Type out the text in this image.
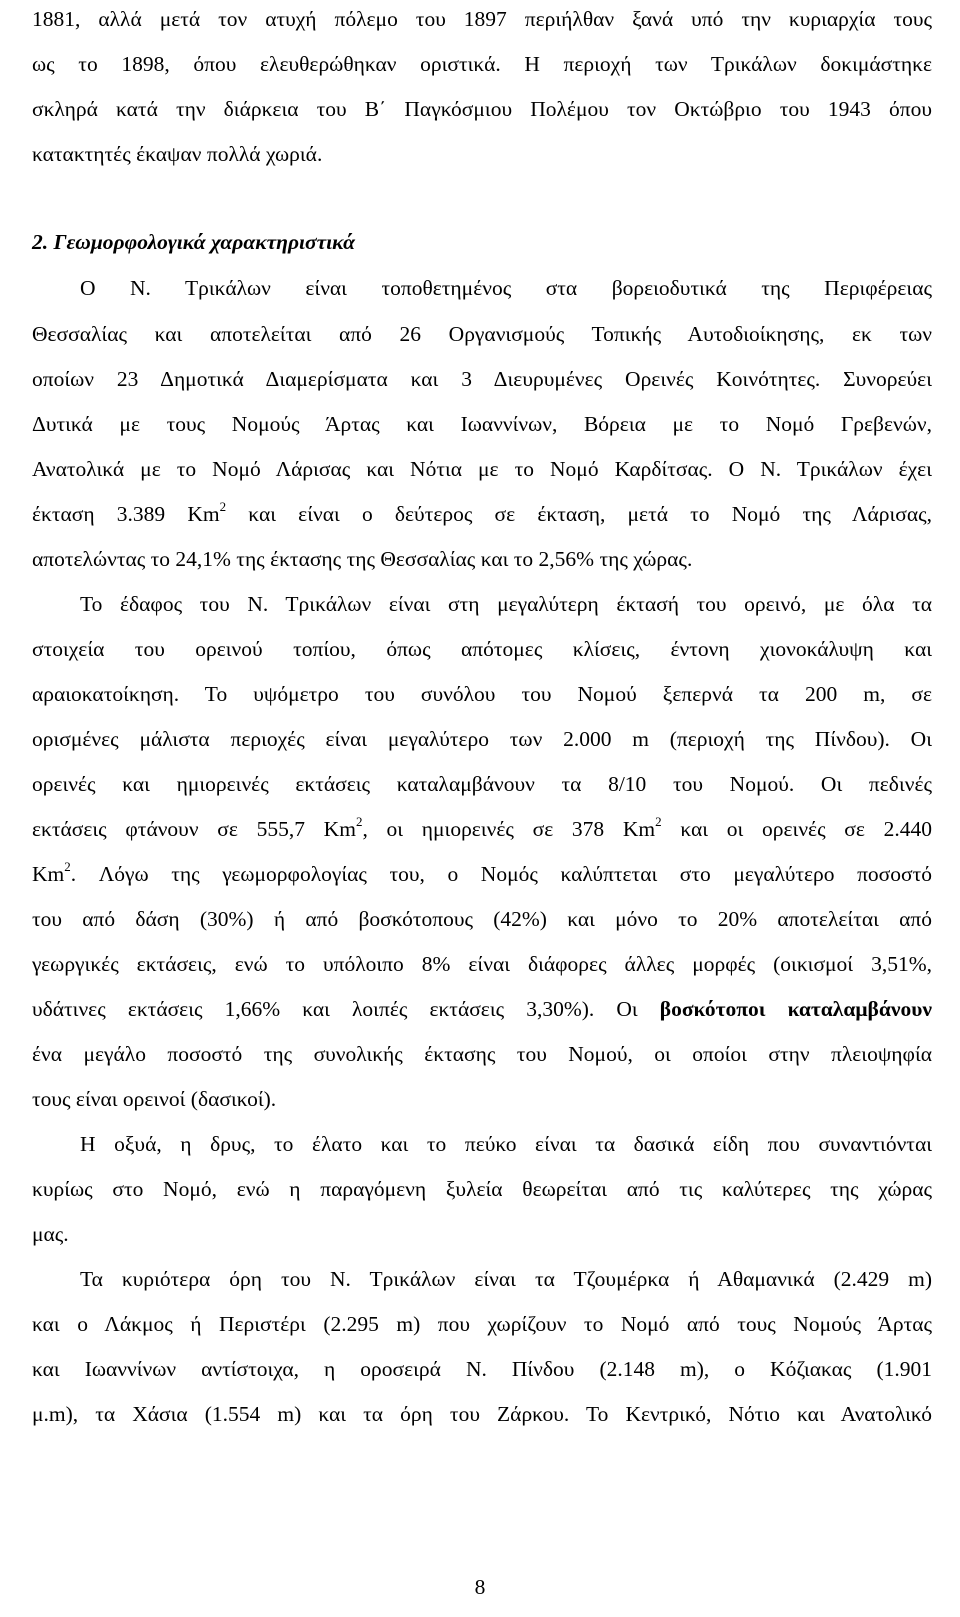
1881, αλλά μετά τον ατυχή πόλεμο του 1897 περιήλθαν ξανά υπό την κυριαρχία τους
ως το 1898, όπου ελευθερώθηκαν οριστικά. Η περιοχή των Τρικάλων δοκιμάστηκε
σκληρά κατά την διάρκεια του Β΄ Παγκόσμιου Πολέμου τον Οκτώβριο του 1943 όπου
κατακτητές έκαψαν πολλά χωριά.
2. Γεωμορφολογικά χαρακτηριστικά
Ο Ν. Τρικάλων είναι τοποθετημένος στα βορειοδυτικά της Περιφέρειας
Θεσσαλίας και αποτελείται από 26 Οργανισμούς Τοπικής Αυτοδιοίκησης, εκ των
οποίων 23 Δημοτικά Διαμερίσματα και 3 Διευρυμένες Ορεινές Κοινότητες. Συνορεύει
Δυτικά με τους Νομούς Άρτας και Ιωαννίνων, Βόρεια με το Νομό Γρεβενών,
Ανατολικά με το Νομό Λάρισας και Νότια με το Νομό Καρδίτσας. Ο Ν. Τρικάλων έχει
έκταση 3.389 Km$^2$ και είναι ο δεύτερος σε έκταση, μετά το Νομό της Λάρισας,
αποτελώντας το 24,1% της έκτασης της Θεσσαλίας και το 2,56% της χώρας.
Το έδαφος του Ν. Τρικάλων είναι στη μεγαλύτερη έκτασή του ορεινό, με όλα τα
στοιχεία του ορεινού τοπίου, όπως απότομες κλίσεις, έντονη χιονοκάλυψη και
αραιοκατοίκηση. Το υψόμετρο του συνόλου του Νομού ξεπερνά τα 200 m, σε
ορισμένες μάλιστα περιοχές είναι μεγαλύτερο των 2.000 m (περιοχή της Πίνδου). Οι
ορεινές και ημιορεινές εκτάσεις καταλαμβάνουν τα 8/10 του Νομού. Οι πεδινές
εκτάσεις φτάνουν σε 555,7 Km$^2$, οι ημιορεινές σε 378 Km$^2$ και οι ορεινές σε 2.440
Km$^2$. Λόγω της γεωμορφολογίας του, ο Νομός καλύπτεται στο μεγαλύτερο ποσοστό
του από δάση (30%) ή από βοσκότοπους (42%) και μόνο το 20% αποτελείται από
γεωργικές εκτάσεις, ενώ το υπόλοιπο 8% είναι διάφορες άλλες μορφές (οικισμοί 3,51%,
υδάτινες εκτάσεις 1,66% και λοιπές εκτάσεις 3,30%). Οι βοσκότοποι καταλαμβάνουν
ένα μεγάλο ποσοστό της συνολικής έκτασης του Νομού, οι οποίοι στην πλειοψηφία
τους είναι ορεινοί (δασικοί).
Η οξυά, η δρυς, το έλατο και το πεύκο είναι τα δασικά είδη που συναντιόνται
κυρίως στο Νομό, ενώ η παραγόμενη ξυλεία θεωρείται από τις καλύτερες της χώρας
μας.
Τα κυριότερα όρη του Ν. Τρικάλων είναι τα Τζουμέρκα ή Αθαμανικά (2.429 m)
και ο Λάκμος ή Περιστέρι (2.295 m) που χωρίζουν το Νομό από τους Νομούς Άρτας
και Ιωαννίνων αντίστοιχα, η οροσειρά Ν. Πίνδου (2.148 m), ο Κόζιακας (1.901
μ.m), τα Χάσια (1.554 m) και τα όρη του Ζάρκου. Το Κεντρικό, Νότιο και Ανατολικό
8
